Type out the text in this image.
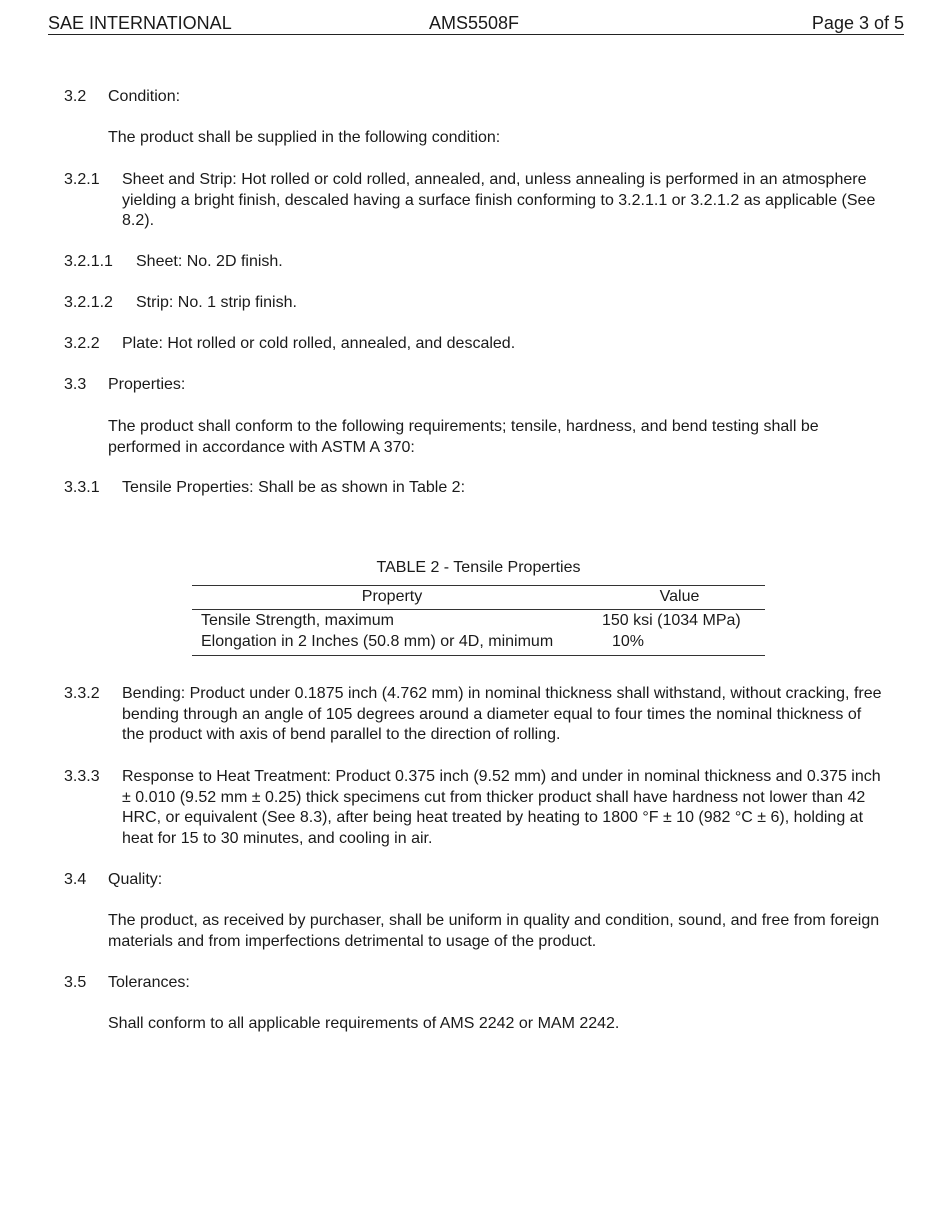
SAE INTERNATIONAL	AMS5508F	Page 3 of 5
3.2 Condition:
The product shall be supplied in the following condition:
3.2.1 Sheet and Strip: Hot rolled or cold rolled, annealed, and, unless annealing is performed in an atmosphere yielding a bright finish, descaled having a surface finish conforming to 3.2.1.1 or 3.2.1.2 as applicable (See 8.2).
3.2.1.1 Sheet: No. 2D finish.
3.2.1.2 Strip: No. 1 strip finish.
3.2.2 Plate: Hot rolled or cold rolled, annealed, and descaled.
3.3 Properties:
The product shall conform to the following requirements; tensile, hardness, and bend testing shall be performed in accordance with ASTM A 370:
3.3.1 Tensile Properties: Shall be as shown in Table 2:
TABLE 2 - Tensile Properties
Property	Value
Tensile Strength, maximum	150 ksi (1034 MPa)
Elongation in 2 Inches (50.8 mm) or 4D, minimum	10%
3.3.2 Bending: Product under 0.1875 inch (4.762 mm) in nominal thickness shall withstand, without cracking, free bending through an angle of 105 degrees around a diameter equal to four times the nominal thickness of the product with axis of bend parallel to the direction of rolling.
3.3.3 Response to Heat Treatment: Product 0.375 inch (9.52 mm) and under in nominal thickness and 0.375 inch ± 0.010 (9.52 mm ± 0.25) thick specimens cut from thicker product shall have hardness not lower than 42 HRC, or equivalent (See 8.3), after being heat treated by heating to 1800 °F ± 10 (982 °C ± 6), holding at heat for 15 to 30 minutes, and cooling in air.
3.4 Quality:
The product, as received by purchaser, shall be uniform in quality and condition, sound, and free from foreign materials and from imperfections detrimental to usage of the product.
3.5 Tolerances:
Shall conform to all applicable requirements of AMS 2242 or MAM 2242.
